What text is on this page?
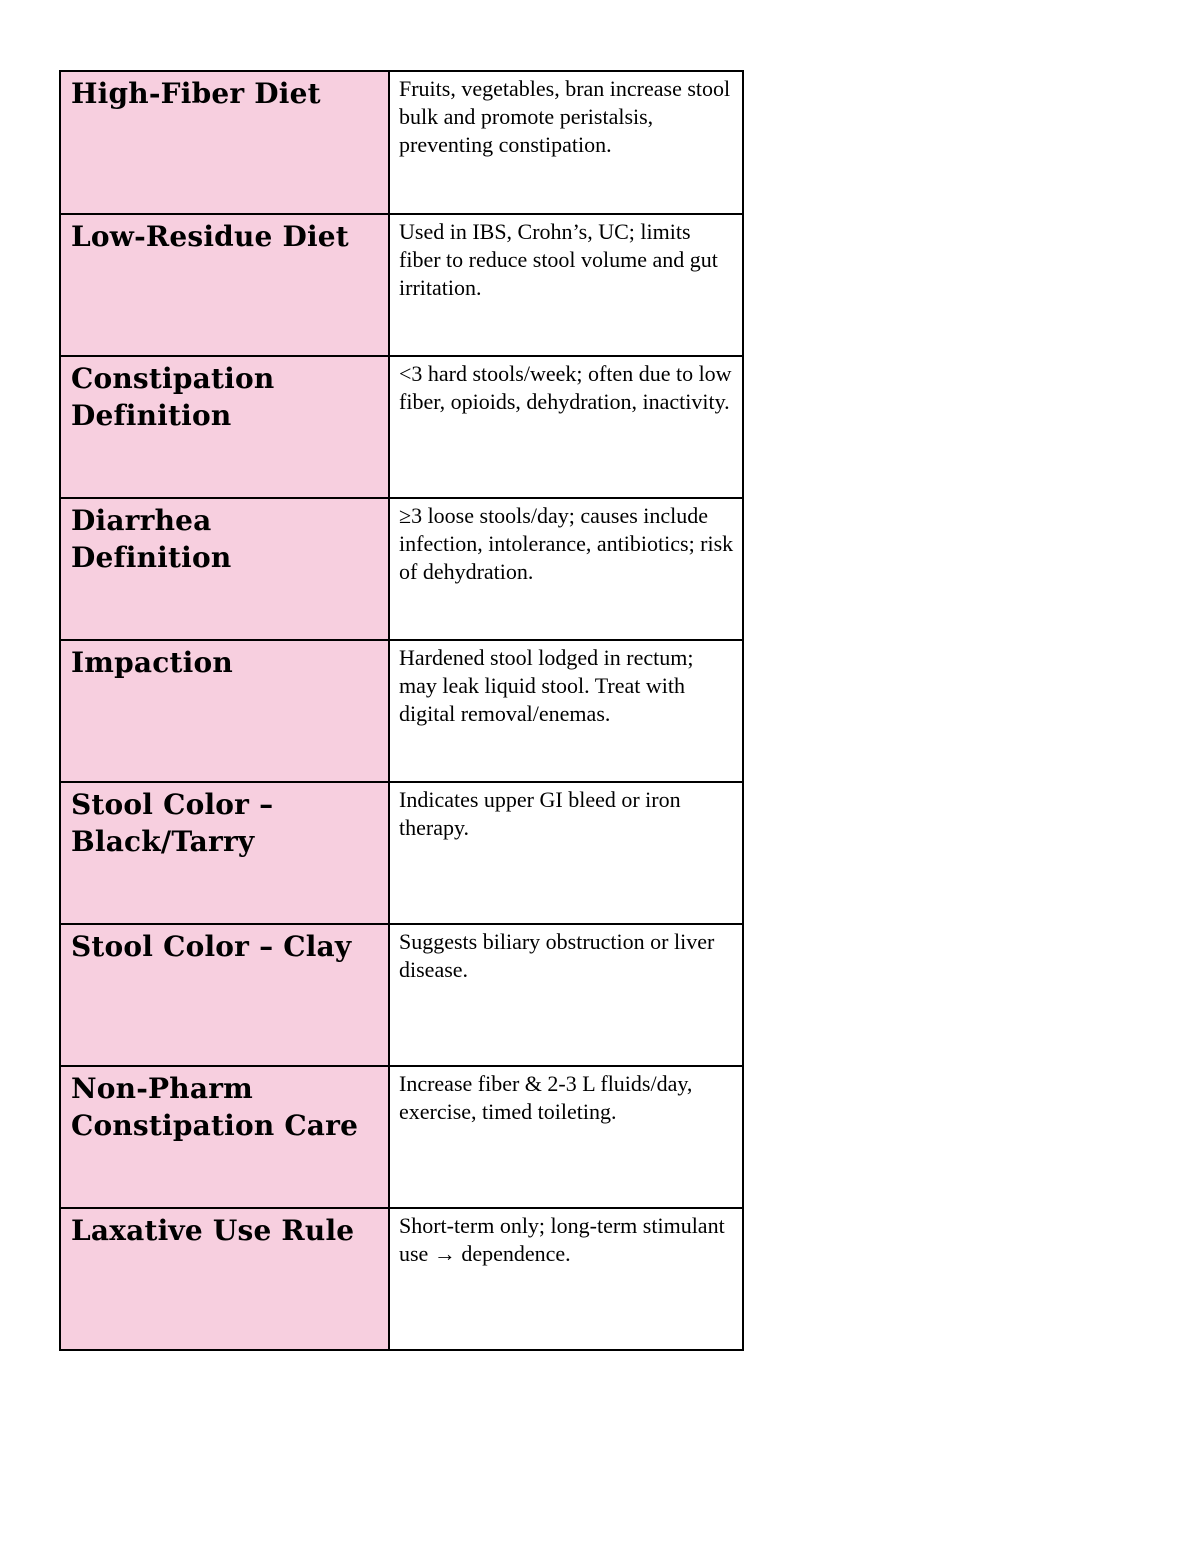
High-Fiber Diet	Fruits, vegetables, bran increase stool bulk and promote peristalsis, preventing constipation.

Low-Residue Diet	Used in IBS, Crohn’s, UC; limits fiber to reduce stool volume and gut irritation.

Constipation Definition	<3 hard stools/week; often due to low fiber, opioids, dehydration, inactivity.

Diarrhea Definition	≥3 loose stools/day; causes include infection, intolerance, antibiotics; risk of dehydration.

Impaction	Hardened stool lodged in rectum; may leak liquid stool. Treat with digital removal/enemas.

Stool Color – Black/Tarry	Indicates upper GI bleed or iron therapy.

Stool Color – Clay	Suggests biliary obstruction or liver disease.

Non-Pharm Constipation Care	Increase fiber & 2-3 L fluids/day, exercise, timed toileting.

Laxative Use Rule	Short-term only; long-term stimulant use → dependence.
